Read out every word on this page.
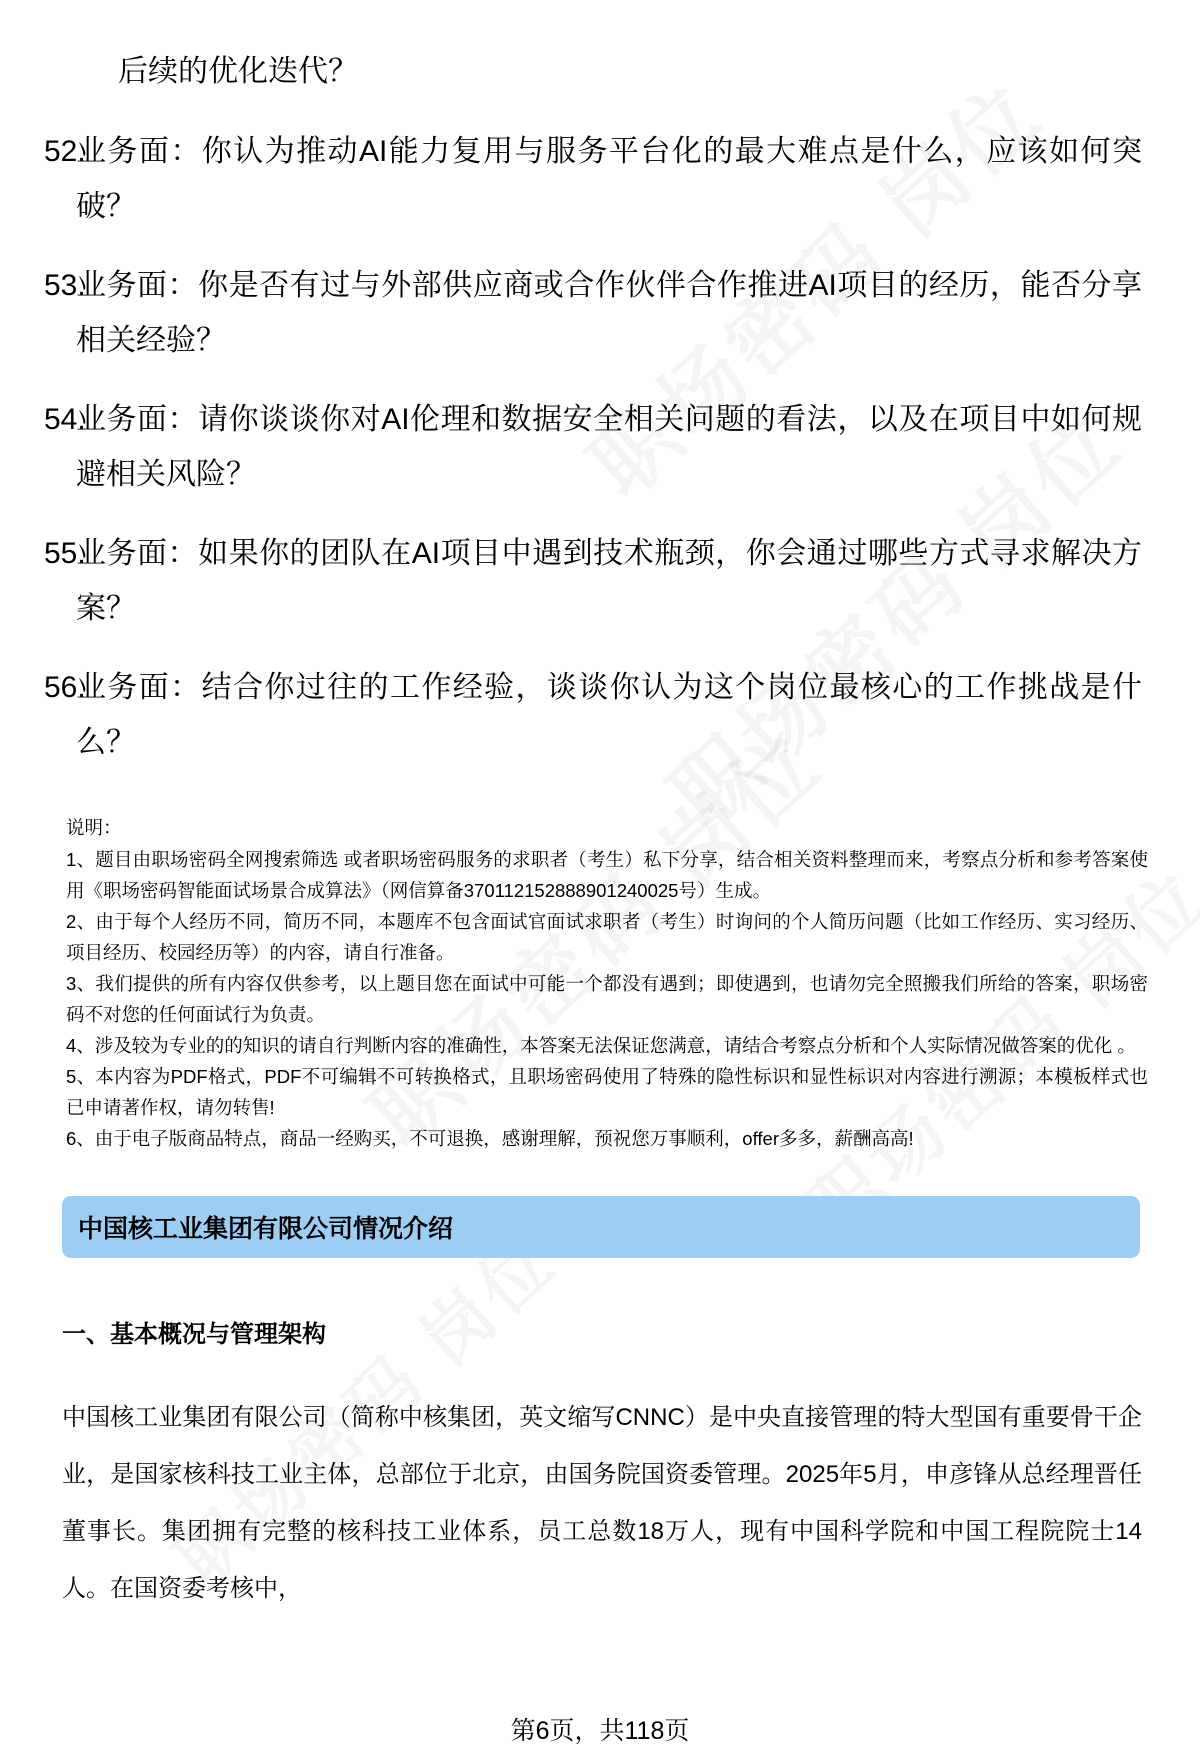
后续的优化迭代？
52.
业务面：你认为推动AI能力复用与服务平台化的最大难点是什么，应该如何突破？
53.
业务面：你是否有过与外部供应商或合作伙伴合作推进AI项目的经历，能否分享相关经验？
54.
业务面：请你谈谈你对AI伦理和数据安全相关问题的看法，以及在项目中如何规避相关风险？
55.
业务面：如果你的团队在AI项目中遇到技术瓶颈，你会通过哪些方式寻求解决方案？
56.
业务面：结合你过往的工作经验，谈谈你认为这个岗位最核心的工作挑战是什么？
说明：
1、题目由职场密码全网搜索筛选 或者职场密码服务的求职者（考生）私下分享，结合相关资料整理而来，考察点分析和参考答案使用《职场密码智能面试场景合成算法》（网信算备370112152888901240025号）生成。
2、由于每个人经历不同，简历不同，本题库不包含面试官面试求职者（考生）时询问的个人简历问题（比如工作经历、实习经历、项目经历、校园经历等）的内容，请自行准备。
3、我们提供的所有内容仅供参考，以上题目您在面试中可能一个都没有遇到；即使遇到，也请勿完全照搬我们所给的答案，职场密码不对您的任何面试行为负责。
4、涉及较为专业的的知识的请自行判断内容的准确性，本答案无法保证您满意，请结合考察点分析和个人实际情况做答案的优化 。
5、本内容为PDF格式，PDF不可编辑不可转换格式，且职场密码使用了特殊的隐性标识和显性标识对内容进行溯源；本模板样式也已申请著作权，请勿转售!
6、由于电子版商品特点，商品一经购买，不可退换，感谢理解，预祝您万事顺利，offer多多，薪酬高高!
中国核工业集团有限公司情况介绍
一、基本概况与管理架构
中国核工业集团有限公司（简称中核集团，英文缩写CNNC）是中央直接管理的特大型国有重要骨干企业，是国家核科技工业主体，总部位于北京，由国务院国资委管理。2025年5月，申彦锋从总经理晋任董事长。集团拥有完整的核科技工业体系，员工总数18万人，现有中国科学院和中国工程院院士14人。在国资委考核中，
第6页，共118页
